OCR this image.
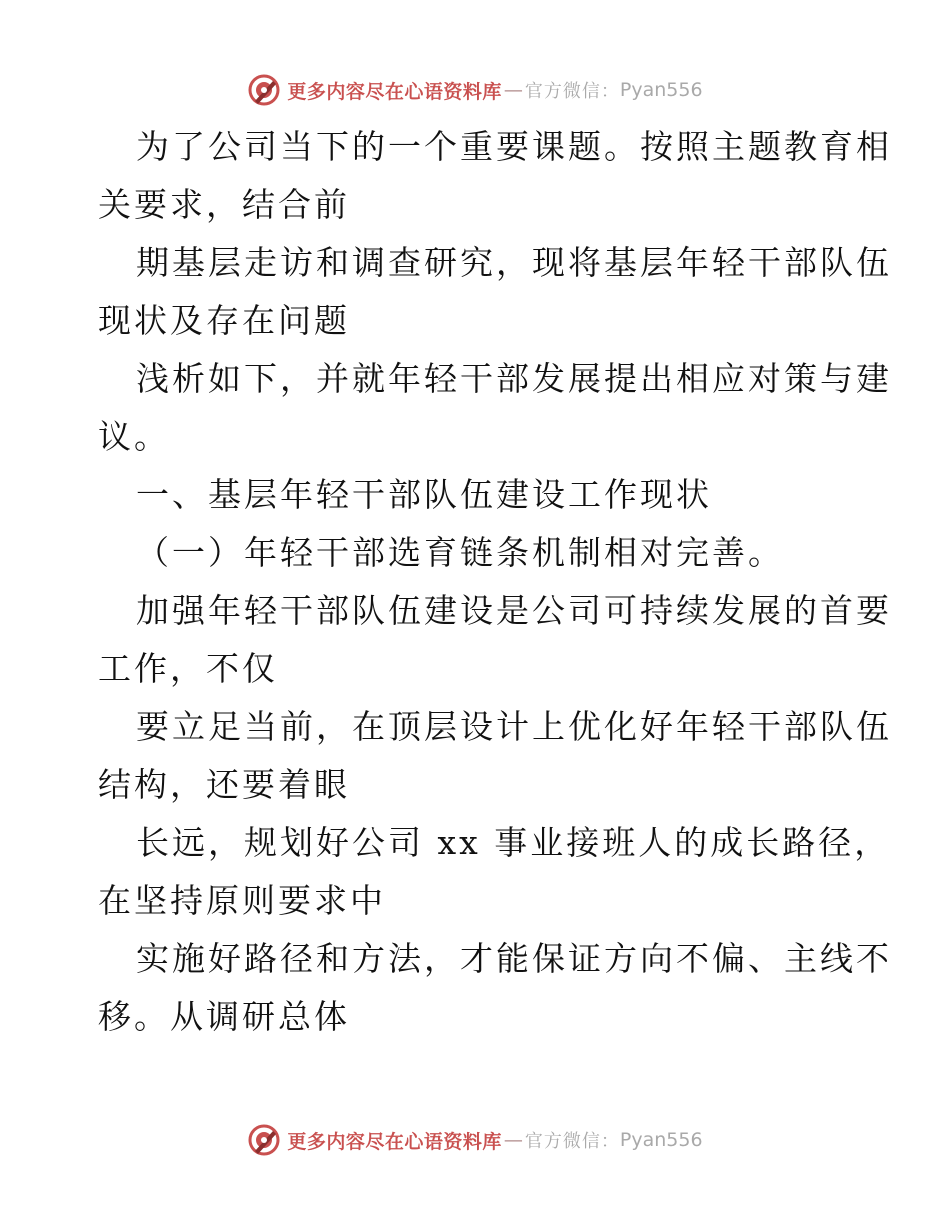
更多内容尽在心语资料库 — 官方微信： Pyan556

为了公司当下的一个重要课题。按照主题教育相

关要求，结合前

期基层走访和调查研究，现将基层年轻干部队伍

现状及存在问题

浅析如下，并就年轻干部发展提出相应对策与建

议。

一、基层年轻干部队伍建设工作现状

（一）年轻干部选育链条机制相对完善。

加强年轻干部队伍建设是公司可持续发展的首要

工作，不仅

要立足当前，在顶层设计上优化好年轻干部队伍

结构，还要着眼

长远，规划好公司 xx 事业接班人的成长路径，

在坚持原则要求中

实施好路径和方法，才能保证方向不偏、主线不

移。从调研总体

更多内容尽在心语资料库 — 官方微信： Pyan556
